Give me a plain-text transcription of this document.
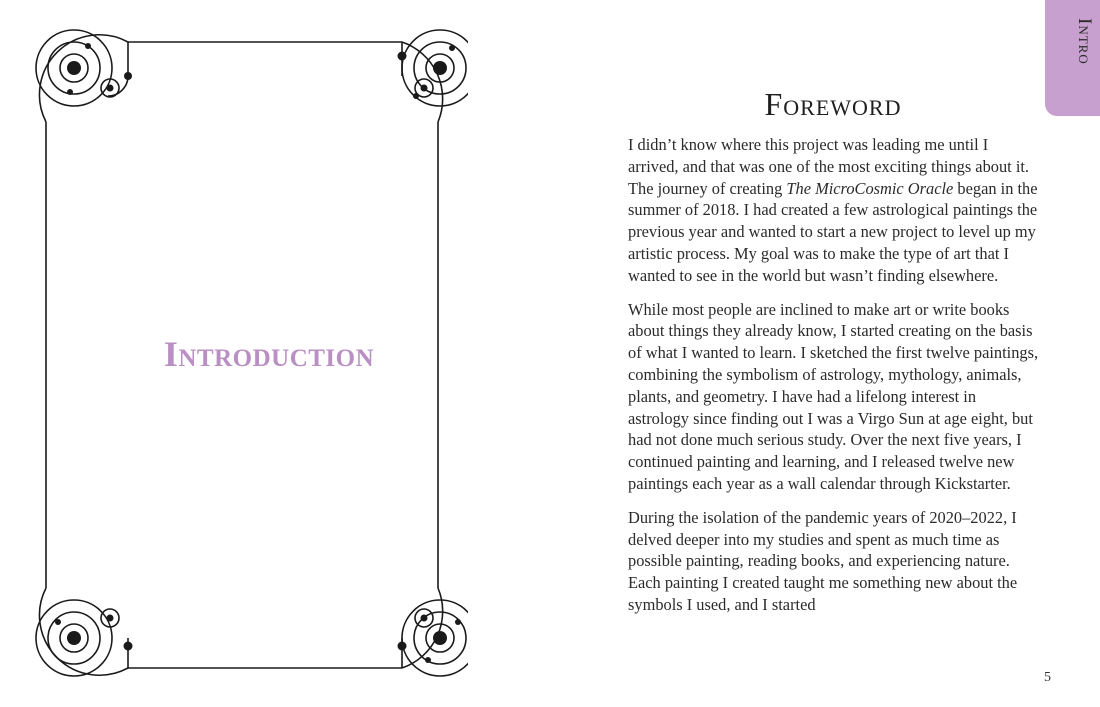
Introduction
Intro
Foreword

I didn’t know where this project was leading me until I arrived, and that was one of the most exciting things about it. The journey of creating The MicroCosmic Oracle began in the summer of 2018. I had created a few astrological paintings the previous year and wanted to start a new project to level up my artistic process. My goal was to make the type of art that I wanted to see in the world but wasn’t finding elsewhere.

While most people are inclined to make art or write books about things they already know, I started creating on the basis of what I wanted to learn. I sketched the first twelve paintings, combining the symbolism of astrology, mythology, animals, plants, and geometry. I have had a lifelong interest in astrology since finding out I was a Virgo Sun at age eight, but had not done much serious study. Over the next five years, I continued painting and learning, and I released twelve new paintings each year as a wall calendar through Kickstarter.

During the isolation of the pandemic years of 2020–2022, I delved deeper into my studies and spent as much time as possible painting, reading books, and experiencing nature. Each painting I created taught me something new about the symbols I used, and I started

5
